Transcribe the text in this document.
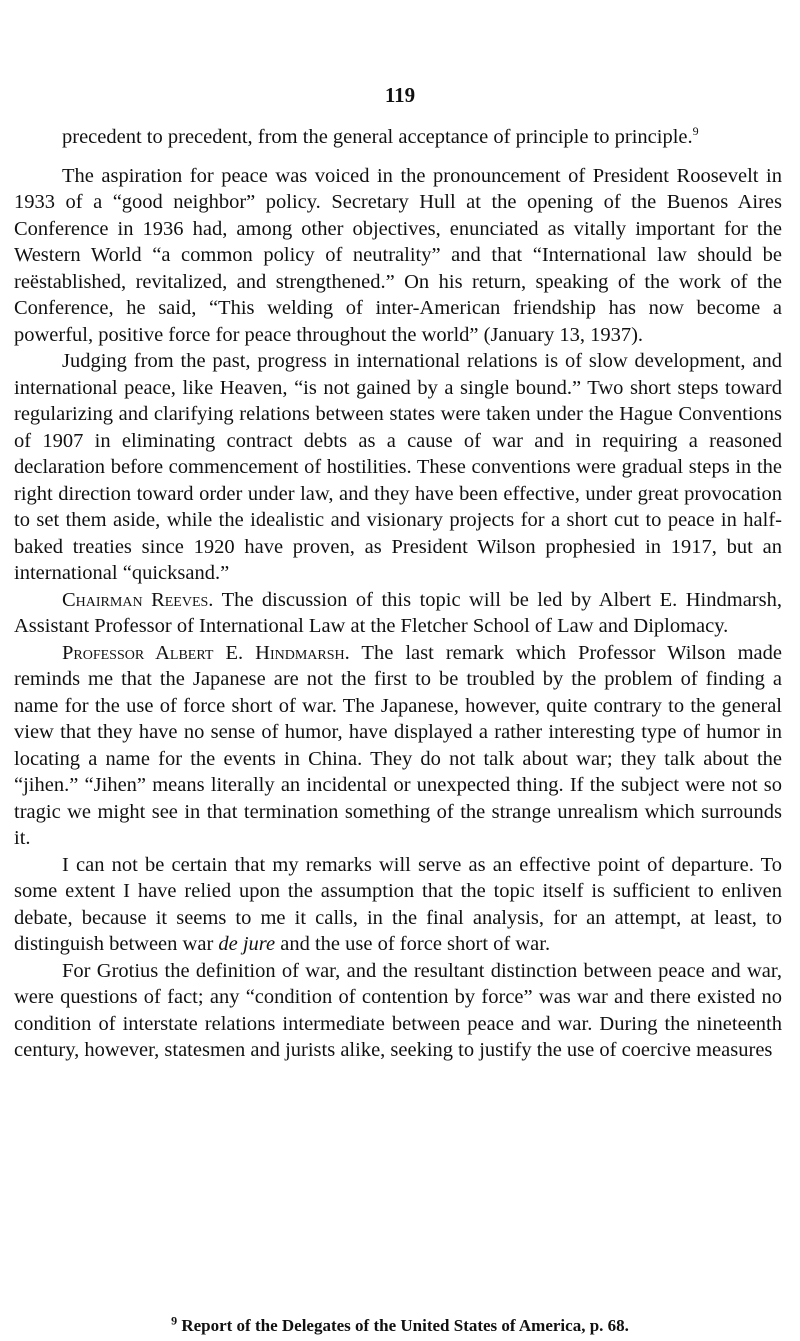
119

precedent to precedent, from the general acceptance of principle to principle.$^9$

The aspiration for peace was voiced in the pronouncement of President Roosevelt in 1933 of a “good neighbor” policy. Secretary Hull at the opening of the Buenos Aires Conference in 1936 had, among other objectives, enunciated as vitally important for the Western World “a common policy of neutrality” and that “International law should be reëstablished, revitalized, and strengthened.” On his return, speaking of the work of the Conference, he said, “This welding of inter-American friendship has now become a powerful, positive force for peace throughout the world” (January 13, 1937).

Judging from the past, progress in international relations is of slow development, and international peace, like Heaven, “is not gained by a single bound.” Two short steps toward regularizing and clarifying relations between states were taken under the Hague Conventions of 1907 in eliminating contract debts as a cause of war and in requiring a reasoned declaration before commencement of hostilities. These conventions were gradual steps in the right direction toward order under law, and they have been effective, under great provocation to set them aside, while the idealistic and visionary projects for a short cut to peace in half-baked treaties since 1920 have proven, as President Wilson prophesied in 1917, but an international “quicksand.”

Chairman Reeves. The discussion of this topic will be led by Albert E. Hindmarsh, Assistant Professor of International Law at the Fletcher School of Law and Diplomacy.

Professor Albert E. Hindmarsh. The last remark which Professor Wilson made reminds me that the Japanese are not the first to be troubled by the problem of finding a name for the use of force short of war. The Japanese, however, quite contrary to the general view that they have no sense of humor, have displayed a rather interesting type of humor in locating a name for the events in China. They do not talk about war; they talk about the “jihen.” “Jihen” means literally an incidental or unexpected thing. If the subject were not so tragic we might see in that termination something of the strange unrealism which surrounds it.

I can not be certain that my remarks will serve as an effective point of departure. To some extent I have relied upon the assumption that the topic itself is sufficient to enliven debate, because it seems to me it calls, in the final analysis, for an attempt, at least, to distinguish between war de jure and the use of force short of war.

For Grotius the definition of war, and the resultant distinction between peace and war, were questions of fact; any “condition of contention by force” was war and there existed no condition of interstate relations intermediate between peace and war. During the nineteenth century, however, statesmen and jurists alike, seeking to justify the use of coercive measures

$^9$ Report of the Delegates of the United States of America, p. 68.
